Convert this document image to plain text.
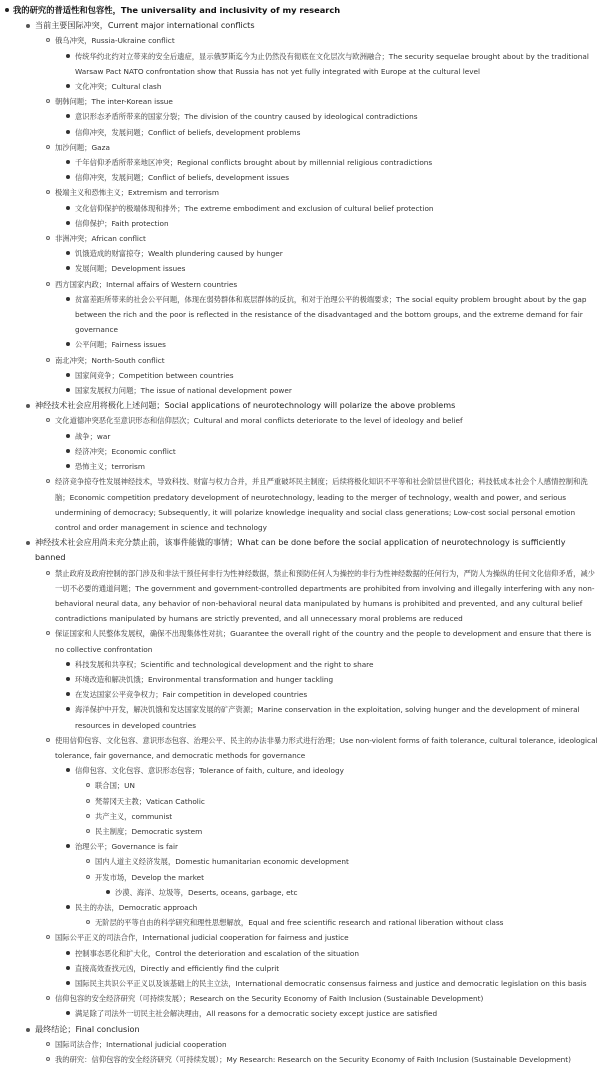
我的研究的普适性和包容性，The universality and inclusivity of my research
当前主要国际冲突，Current major international conflicts
俄乌冲突，Russia-Ukraine conflict
传统华约北约对立带来的安全后遗症，显示俄罗斯迄今为止仍然没有彻底在文化层次与欧洲融合；The security sequelae brought about by the traditional Warsaw Pact NATO confrontation show that Russia has not yet fully integrated with Europe at the cultural level
文化冲突；Cultural clash
朝韩问题；The inter-Korean issue
意识形态矛盾所带来的国家分裂；The division of the country caused by ideological contradictions
信仰冲突，发展问题；Conflict of beliefs, development problems
加沙问题；Gaza
千年信仰矛盾所带来地区冲突；Regional conflicts brought about by millennial religious contradictions
信仰冲突，发展问题；Conflict of beliefs, development issues
极端主义和恐怖主义；Extremism and terrorism
文化信仰保护的极端体现和排外；The extreme embodiment and exclusion of cultural belief protection
信仰保护；Faith protection
非洲冲突；African conflict
饥饿造成的财富掠夺；Wealth plundering caused by hunger
发展问题；Development issues
西方国家内政；Internal affairs of Western countries
贫富差距所带来的社会公平问题，体现在弱势群体和底层群体的反抗，和对于治理公平的极端要求；The social equity problem brought about by the gap between the rich and the poor is reflected in the resistance of the disadvantaged and the bottom groups, and the extreme demand for fair governance
公平问题；Fairness issues
南北冲突；North-South conflict
国家间竞争；Competition between countries
国家发展权力问题；The issue of national development power
神经技术社会应用将极化上述问题；Social applications of neurotechnology will polarize the above problems
文化道德冲突恶化至意识形态和信仰层次；Cultural and moral conflicts deteriorate to the level of ideology and belief
战争；war
经济冲突；Economic conflict
恐怖主义；terrorism
经济竞争掠夺性发展神经技术，导致科技、财富与权力合并，并且严重破坏民主制度；后续将极化知识不平等和社会阶层世代固化；科技低成本社会个人感情控制和洗脑；Economic competition predatory development of neurotechnology, leading to the merger of technology, wealth and power, and serious undermining of democracy; Subsequently, it will polarize knowledge inequality and social class generations; Low-cost social personal emotion control and order management in science and technology
神经技术社会应用尚未充分禁止前，该事件能做的事情；What can be done before the social application of neurotechnology is sufficiently banned
禁止政府及政府控制的部门涉及和非法干预任何非行为性神经数据，禁止和预防任何人为操控的非行为性神经数据的任何行为，严防人为操纵的任何文化信仰矛盾，减少一切不必要的通道问题；The government and government-controlled departments are prohibited from involving and illegally interfering with any non-behavioral neural data, any behavior of non-behavioral neural data manipulated by humans is prohibited and prevented, and any cultural belief contradictions manipulated by humans are strictly prevented, and all unnecessary moral problems are reduced
保证国家和人民整体发展权，确保不出现集体性对抗；Guarantee the overall right of the country and the people to development and ensure that there is no collective confrontation
科技发展和共享权；Scientific and technological development and the right to share
环境改造和解决饥饿；Environmental transformation and hunger tackling
在发达国家公平竞争权力；Fair competition in developed countries
海洋保护中开发，解决饥饿和发达国家发展的矿产资源；Marine conservation in the exploitation, solving hunger and the development of mineral resources in developed countries
使用信仰包容、文化包容、意识形态包容、治理公平、民主的办法非暴力形式进行治理；Use non-violent forms of faith tolerance, cultural tolerance, ideological tolerance, fair governance, and democratic methods for governance
信仰包容、文化包容、意识形态包容；Tolerance of faith, culture, and ideology
联合国；UN
梵蒂冈天主教；Vatican Catholic
共产主义，communist
民主制度；Democratic system
治理公平；Governance is fair
国内人道主义经济发展，Domestic humanitarian economic development
开发市场，Develop the market
沙漠、海洋、垃圾等，Deserts, oceans, garbage, etc
民主的办法，Democratic approach
无阶层的平等自由的科学研究和理性思想解放，Equal and free scientific research and rational liberation without class
国际公平正义的司法合作，International judicial cooperation for fairness and justice
控制事态恶化和扩大化，Control the deterioration and escalation of the situation
直接高效查找元凶，Directly and efficiently find the culprit
国际民主共识公平正义以及该基础上的民主立法，International democratic consensus fairness and justice and democratic legislation on this basis
信仰包容的安全经济研究（可持续发展）；Research on the Security Economy of Faith Inclusion (Sustainable Development)
满足除了司法外一切民主社会解决理由，All reasons for a democratic society except justice are satisfied
最终结论；Final conclusion
国际司法合作；International judicial cooperation
我的研究：信仰包容的安全经济研究（可持续发展）；My Research: Research on the Security Economy of Faith Inclusion (Sustainable Development)
